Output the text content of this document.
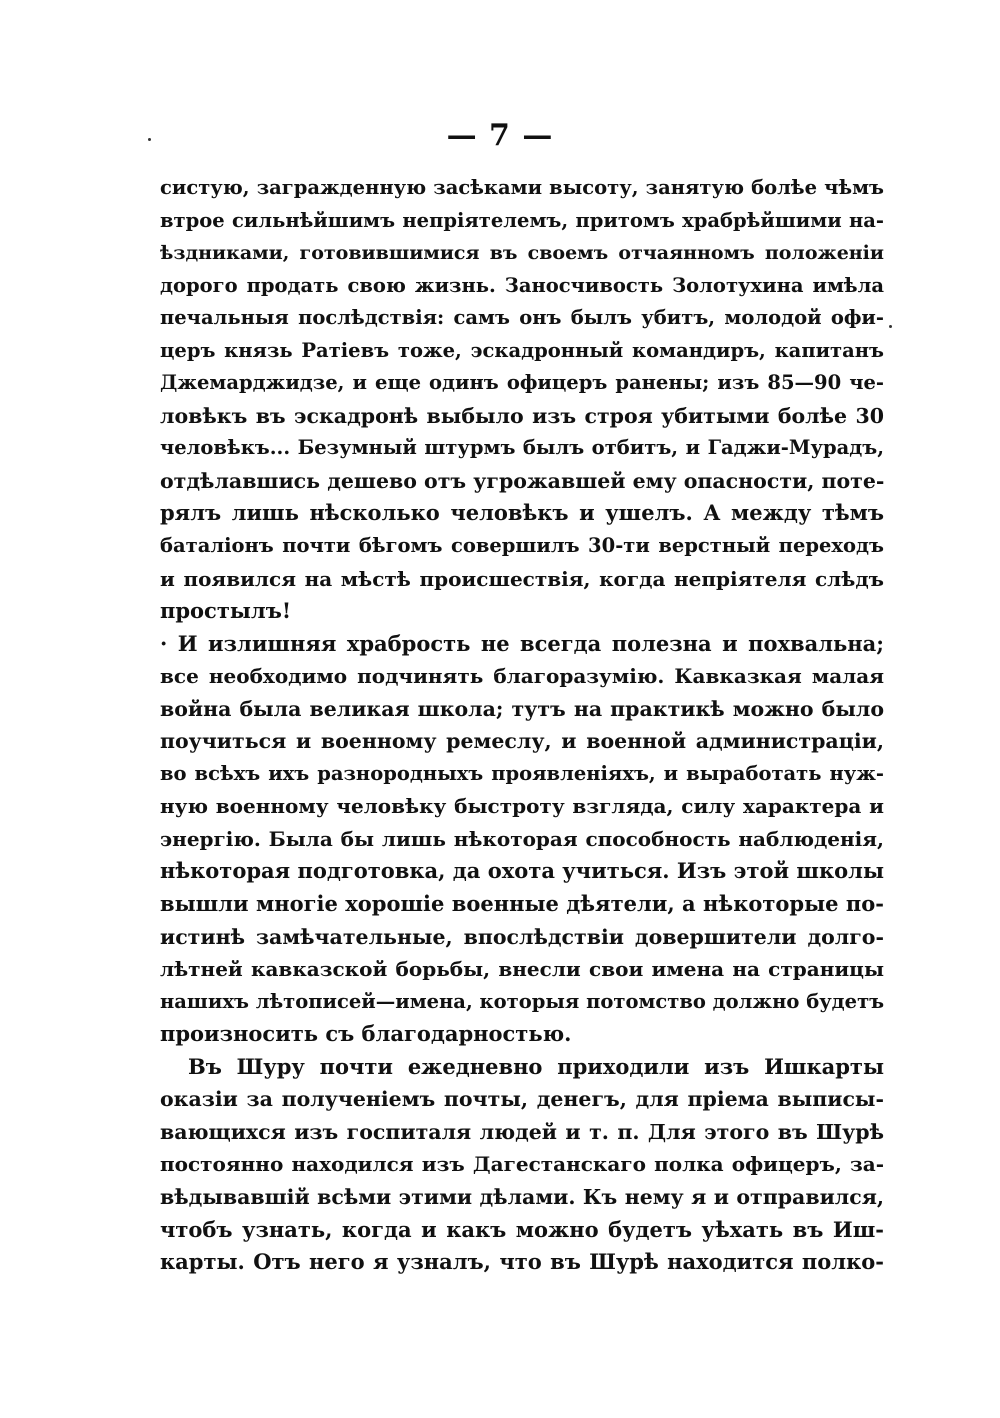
— 7 —
систую, загражденную засѣками высоту, занятую болѣе чѣмъ
втрое сильнѣйшимъ непріятелемъ, притомъ храбрѣйшими на-
ѣздниками, готовившимися въ своемъ отчаянномъ положеніи
дорого продать свою жизнь. Заносчивость Золотухина имѣла
печальныя послѣдствія: самъ онъ былъ убитъ, молодой офи-
церъ князь Ратіевъ тоже, эскадронный командиръ, капитанъ
Джемарджидзе, и еще одинъ офицеръ ранены; изъ 85—90 че-
ловѣкъ въ эскадронѣ выбыло изъ строя убитыми болѣе 30
человѣкъ... Безумный штурмъ былъ отбитъ, и Гаджи-Мурадъ,
отдѣлавшись дешево отъ угрожавшей ему опасности, поте-
рялъ лишь нѣсколько человѣкъ и ушелъ. А между тѣмъ
баталіонъ почти бѣгомъ совершилъ 30-ти верстный переходъ
и появился на мѣстѣ происшествія, когда непріятеля слѣдъ
простылъ!
· И излишняя храбрость не всегда полезна и похвальна;
все необходимо подчинять благоразумію. Кавказкая малая
война была великая школа; тутъ на практикѣ можно было
поучиться и военному ремеслу, и военной администраціи,
во всѣхъ ихъ разнородныхъ проявленіяхъ, и выработать нуж-
ную военному человѣку быстроту взгляда, силу характера и
энергію. Была бы лишь нѣкоторая способность наблюденія,
нѣкоторая подготовка, да охота учиться. Изъ этой школы
вышли многіе хорошіе военные дѣятели, а нѣкоторые по-
истинѣ замѣчательные, впослѣдствіи довершители долго-
лѣтней кавказской борьбы, внесли свои имена на страницы
нашихъ лѣтописей—имена, которыя потомство должно будетъ
произносить съ благодарностью.
Въ Шуру почти ежедневно приходили изъ Ишкарты
оказіи за полученіемъ почты, денегъ, для пріема выписы-
вающихся изъ госпиталя людей и т. п. Для этого въ Шурѣ
постоянно находился изъ Дагестанскаго полка офицеръ, за-
вѣдывавшій всѣми этими дѣлами. Къ нему я и отправился,
чтобъ узнать, когда и какъ можно будетъ уѣхать въ Иш-
карты. Отъ него я узналъ, что въ Шурѣ находится полко-
